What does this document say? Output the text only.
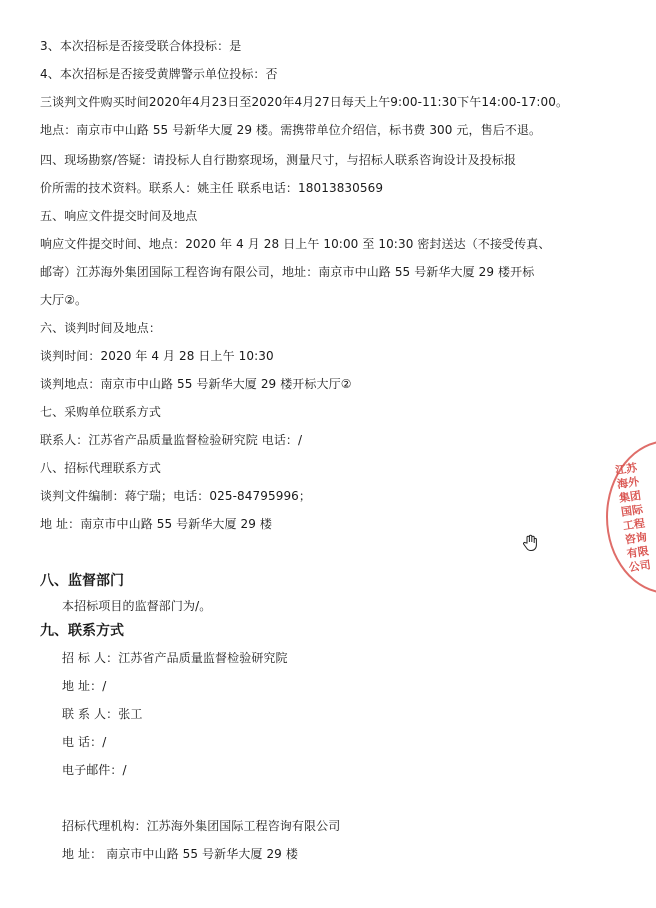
3、本次招标是否接受联合体投标：是
4、本次招标是否接受黄牌警示单位投标：否
三谈判文件购买时间2020年4月23日至2020年4月27日每天上午9:00-11:30下午14:00-17:00。
地点：南京市中山路 55 号新华大厦 29 楼。需携带单位介绍信，标书费 300 元，售后不退。
四、现场勘察/答疑：请投标人自行勘察现场，测量尺寸，与招标人联系咨询设计及投标报
价所需的技术资料。联系人：姚主任 联系电话：18013830569
五、响应文件提交时间及地点
响应文件提交时间、地点：2020 年 4 月 28 日上午 10:00 至 10:30 密封送达（不接受传真、
邮寄）江苏海外集团国际工程咨询有限公司，地址：南京市中山路 55 号新华大厦 29 楼开标
大厅②。
六、谈判时间及地点：
谈判时间：2020 年 4 月 28 日上午 10:30
谈判地点：南京市中山路 55 号新华大厦 29 楼开标大厅②
七、采购单位联系方式
联系人：江苏省产品质量监督检验研究院 电话：/
八、招标代理联系方式
谈判文件编制：蒋宁瑞；电话：025-84795996；
地 址：南京市中山路 55 号新华大厦 29 楼
八、监督部门
本招标项目的监督部门为/。
九、联系方式
招 标 人：江苏省产品质量监督检验研究院
地 址：/
联 系 人：张工
电 话：/
电子邮件：/
招标代理机构：江苏海外集团国际工程咨询有限公司
地 址： 南京市中山路 55 号新华大厦 29 楼
江苏海外集团国际工程咨询有限公司
